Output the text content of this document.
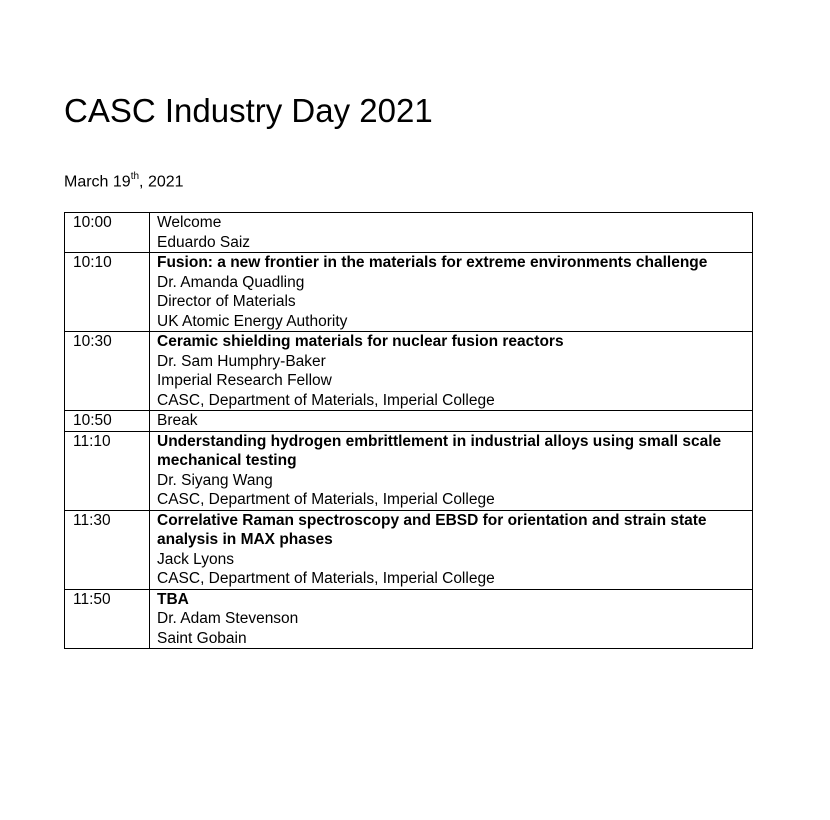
CASC Industry Day 2021
March 19th, 2021
10:00	Welcome
Eduardo Saiz

10:10	Fusion: a new frontier in the materials for extreme environments challenge
Dr. Amanda Quadling
Director of Materials
UK Atomic Energy Authority

10:30	Ceramic shielding materials for nuclear fusion reactors
Dr. Sam Humphry-Baker
Imperial Research Fellow
CASC, Department of Materials, Imperial College

10:50	Break

11:10	Understanding hydrogen embrittlement in industrial alloys using small scale mechanical testing
Dr. Siyang Wang
CASC, Department of Materials, Imperial College

11:30	Correlative Raman spectroscopy and EBSD for orientation and strain state analysis in MAX phases
Jack Lyons
CASC, Department of Materials, Imperial College

11:50	TBA
Dr. Adam Stevenson
Saint Gobain
